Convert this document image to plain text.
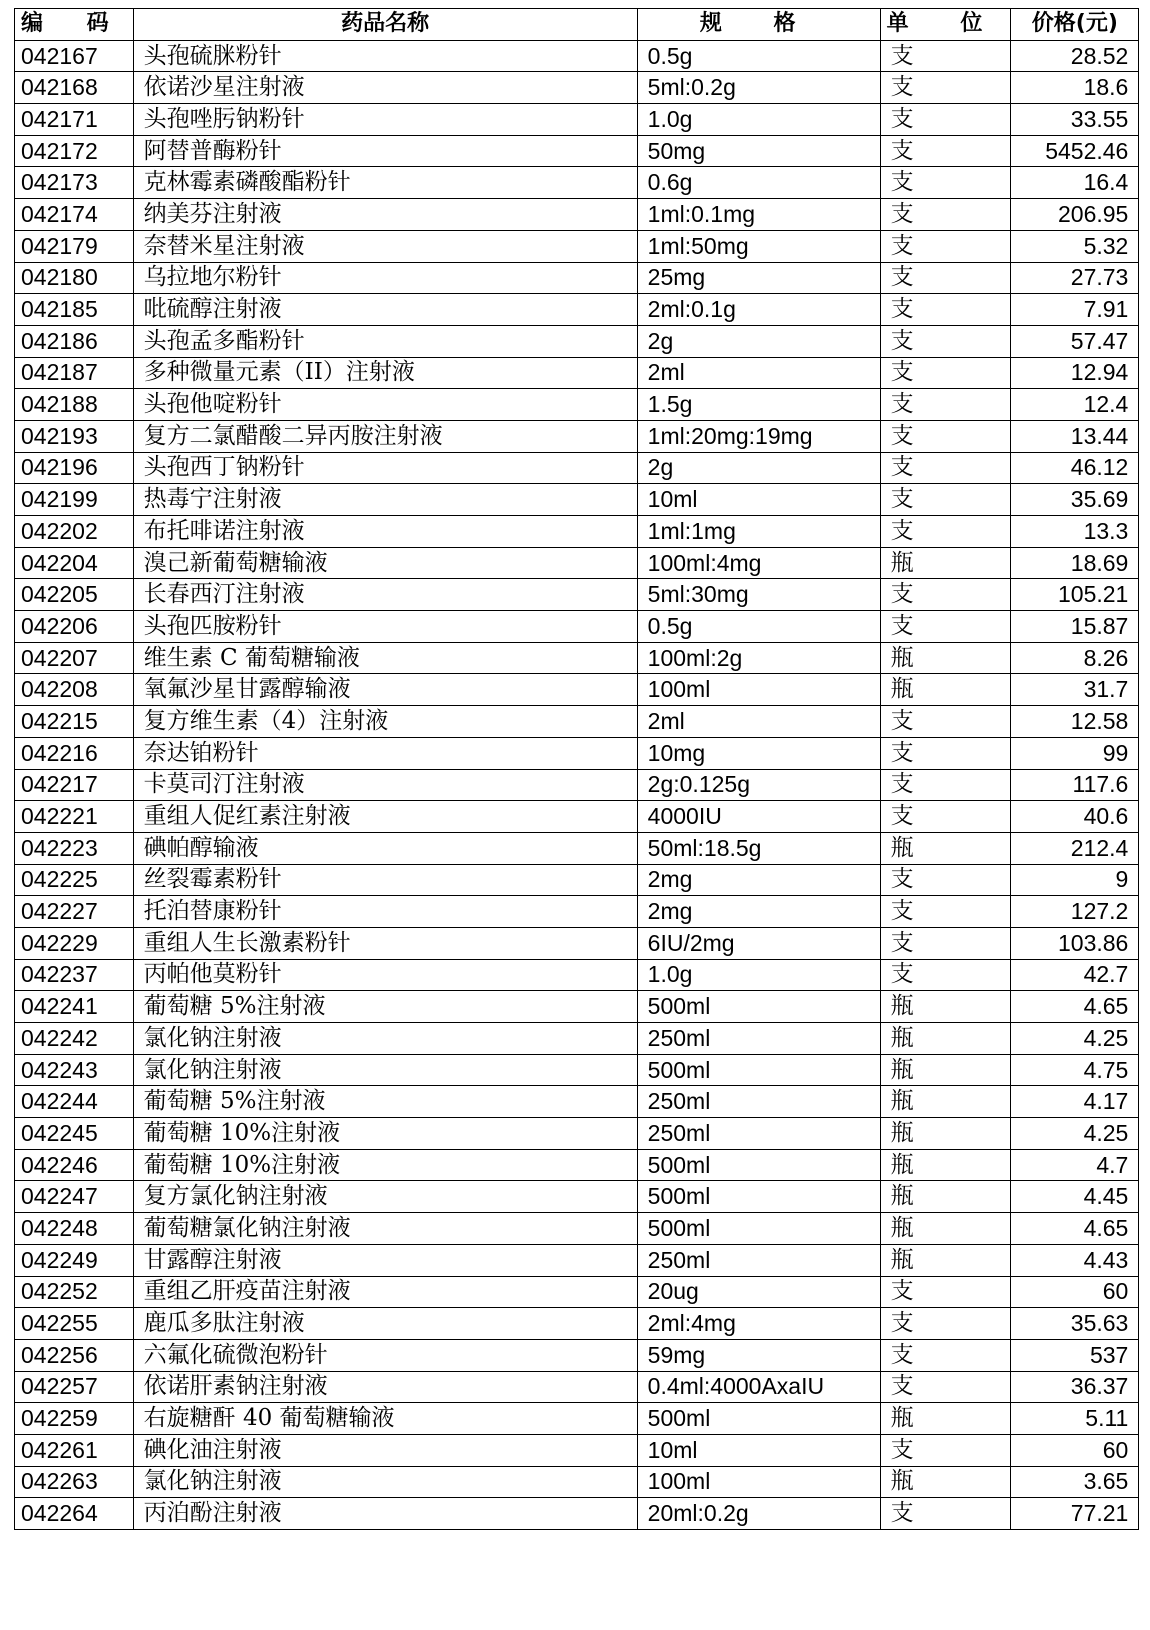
编 码	药品名称	规 格	单 位	价格(元)
042167	头孢硫脒粉针	0.5g	支	28.52
042168	依诺沙星注射液	5ml:0.2g	支	18.6
042171	头孢唑肟钠粉针	1.0g	支	33.55
042172	阿替普酶粉针	50mg	支	5452.46
042173	克林霉素磷酸酯粉针	0.6g	支	16.4
042174	纳美芬注射液	1ml:0.1mg	支	206.95
042179	奈替米星注射液	1ml:50mg	支	5.32
042180	乌拉地尔粉针	25mg	支	27.73
042185	吡硫醇注射液	2ml:0.1g	支	7.91
042186	头孢孟多酯粉针	2g	支	57.47
042187	多种微量元素（II）注射液	2ml	支	12.94
042188	头孢他啶粉针	1.5g	支	12.4
042193	复方二氯醋酸二异丙胺注射液	1ml:20mg:19mg	支	13.44
042196	头孢西丁钠粉针	2g	支	46.12
042199	热毒宁注射液	10ml	支	35.69
042202	布托啡诺注射液	1ml:1mg	支	13.3
042204	溴己新葡萄糖输液	100ml:4mg	瓶	18.69
042205	长春西汀注射液	5ml:30mg	支	105.21
042206	头孢匹胺粉针	0.5g	支	15.87
042207	维生素 C 葡萄糖输液	100ml:2g	瓶	8.26
042208	氧氟沙星甘露醇输液	100ml	瓶	31.7
042215	复方维生素（4）注射液	2ml	支	12.58
042216	奈达铂粉针	10mg	支	99
042217	卡莫司汀注射液	2g:0.125g	支	117.6
042221	重组人促红素注射液	4000IU	支	40.6
042223	碘帕醇输液	50ml:18.5g	瓶	212.4
042225	丝裂霉素粉针	2mg	支	9
042227	托泊替康粉针	2mg	支	127.2
042229	重组人生长激素粉针	6IU/2mg	支	103.86
042237	丙帕他莫粉针	1.0g	支	42.7
042241	葡萄糖 5%注射液	500ml	瓶	4.65
042242	氯化钠注射液	250ml	瓶	4.25
042243	氯化钠注射液	500ml	瓶	4.75
042244	葡萄糖 5%注射液	250ml	瓶	4.17
042245	葡萄糖 10%注射液	250ml	瓶	4.25
042246	葡萄糖 10%注射液	500ml	瓶	4.7
042247	复方氯化钠注射液	500ml	瓶	4.45
042248	葡萄糖氯化钠注射液	500ml	瓶	4.65
042249	甘露醇注射液	250ml	瓶	4.43
042252	重组乙肝疫苗注射液	20ug	支	60
042255	鹿瓜多肽注射液	2ml:4mg	支	35.63
042256	六氟化硫微泡粉针	59mg	支	537
042257	依诺肝素钠注射液	0.4ml:4000AxaIU	支	36.37
042259	右旋糖酐 40 葡萄糖输液	500ml	瓶	5.11
042261	碘化油注射液	10ml	支	60
042263	氯化钠注射液	100ml	瓶	3.65
042264	丙泊酚注射液	20ml:0.2g	支	77.21
